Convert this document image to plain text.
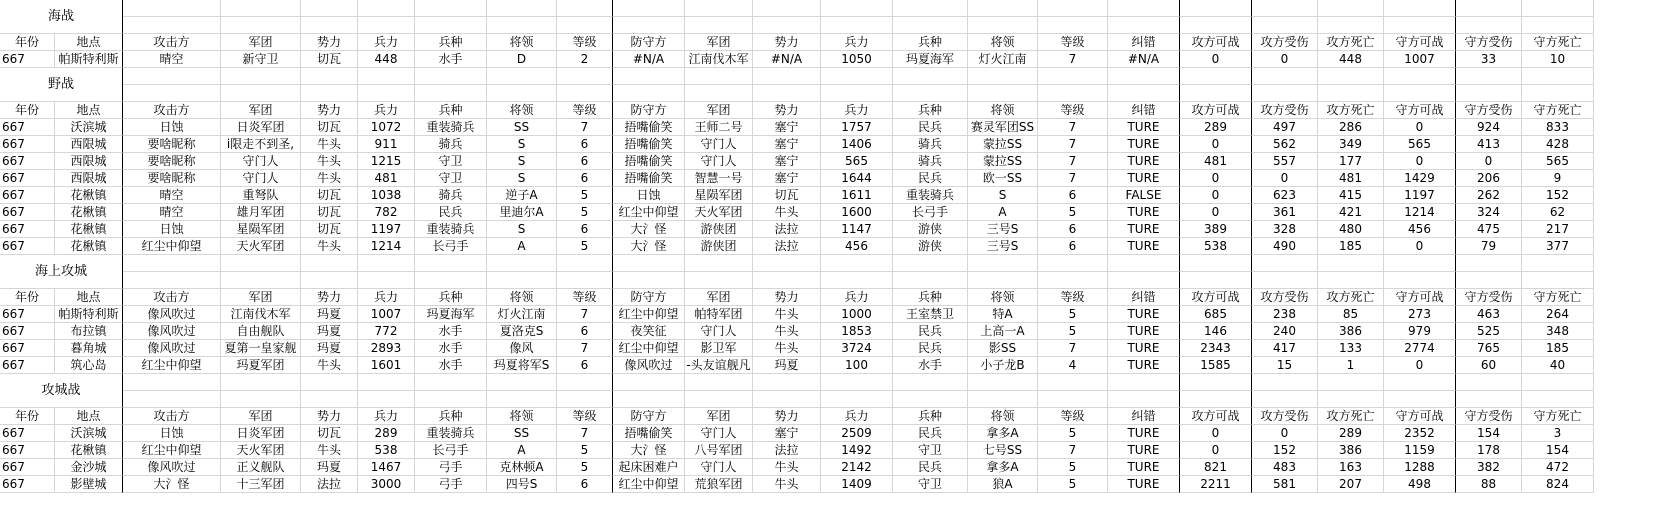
海战
年份	地点	攻击方	军团	势力	兵力	兵种	将领	等级	防守方	军团	势力	兵力	兵种	将领	等级	纠错	攻方可战	攻方受伤	攻方死亡	守方可战	守方受伤	守方死亡
667	帕斯特利斯	晴空	新守卫	切瓦	448	水手	D	2	#N/A	江南伐木军	#N/A	1050	玛夏海军	灯火江南	7	#N/A	0	0	448	1007	33	10
野战
年份	地点	攻击方	军团	势力	兵力	兵种	将领	等级	防守方	军团	势力	兵力	兵种	将领	等级	纠错	攻方可战	攻方受伤	攻方死亡	守方可战	守方受伤	守方死亡
667	沃滨城	日蚀	日炎军团	切瓦	1072	重装骑兵	SS	7	捂嘴偷笑	王师二号	塞宁	1757	民兵	赛灵军团SS	7	TURE	289	497	286	0	924	833
667	西限城	要啥昵称	i限走不到圣,	牛头	911	骑兵	S	6	捂嘴偷笑	守门人	塞宁	1406	骑兵	蒙拉SS	7	TURE	0	562	349	565	413	428
667	西限城	要啥昵称	守门人	牛头	1215	守卫	S	6	捂嘴偷笑	守门人	塞宁	565	骑兵	蒙拉SS	7	TURE	481	557	177	0	0	565
667	西限城	要啥昵称	守门人	牛头	481	守卫	S	6	捂嘴偷笑	智慧一号	塞宁	1644	民兵	欧一SS	7	TURE	0	0	481	1429	206	9
667	花楸镇	晴空	重弩队	切瓦	1038	骑兵	逆子A	5	日蚀	星陨军团	切瓦	1611	重装骑兵	S	6	FALSE	0	623	415	1197	262	152
667	花楸镇	晴空	雄月军团	切瓦	782	民兵	里迪尔A	5	红尘中仰望	天火军团	牛头	1600	长弓手	A	5	TURE	0	361	421	1214	324	62
667	花楸镇	日蚀	星陨军团	切瓦	1197	重装骑兵	S	6	大氵怪	游侠团	法拉	1147	游侠	三号S	6	TURE	389	328	480	456	475	217
667	花楸镇	红尘中仰望	天火军团	牛头	1214	长弓手	A	5	大氵怪	游侠团	法拉	456	游侠	三号S	6	TURE	538	490	185	0	79	377
海上攻城
年份	地点	攻击方	军团	势力	兵力	兵种	将领	等级	防守方	军团	势力	兵力	兵种	将领	等级	纠错	攻方可战	攻方受伤	攻方死亡	守方可战	守方受伤	守方死亡
667	帕斯特利斯	像风吹过	江南伐木军	玛夏	1007	玛夏海军	灯火江南	7	红尘中仰望	帕特军团	牛头	1000	王室禁卫	特A	5	TURE	685	238	85	273	463	264
667	布拉镇	像风吹过	自由舰队	玛夏	772	水手	夏洛克S	6	夜笑征	守门人	牛头	1853	民兵	上高一A	5	TURE	146	240	386	979	525	348
667	暮角城	像风吹过	夏第一皇家舰	玛夏	2893	水手	像风	7	红尘中仰望	影卫军	牛头	3724	民兵	影SS	7	TURE	2343	417	133	2774	765	185
667	筑心岛	红尘中仰望	玛夏军团	牛头	1601	水手	玛夏将军S	6	像风吹过	-头友谊舰凡	玛夏	100	水手	小子龙B	4	TURE	1585	15	1	0	60	40
攻城战
年份	地点	攻击方	军团	势力	兵力	兵种	将领	等级	防守方	军团	势力	兵力	兵种	将领	等级	纠错	攻方可战	攻方受伤	攻方死亡	守方可战	守方受伤	守方死亡
667	沃滨城	日蚀	日炎军团	切瓦	289	重装骑兵	SS	7	捂嘴偷笑	守门人	塞宁	2509	民兵	拿多A	5	TURE	0	0	289	2352	154	3
667	花楸镇	红尘中仰望	天火军团	牛头	538	长弓手	A	5	大氵怪	八号军团	法拉	1492	守卫	七号SS	7	TURE	0	152	386	1159	178	154
667	金沙城	像风吹过	正义舰队	玛夏	1467	弓手	克林顿A	5	起床困难户	守门人	牛头	2142	民兵	拿多A	5	TURE	821	483	163	1288	382	472
667	影壁城	大氵怪	十三军团	法拉	3000	弓手	四号S	6	红尘中仰望	荒狼军团	牛头	1409	守卫	狼A	5	TURE	2211	581	207	498	88	824
